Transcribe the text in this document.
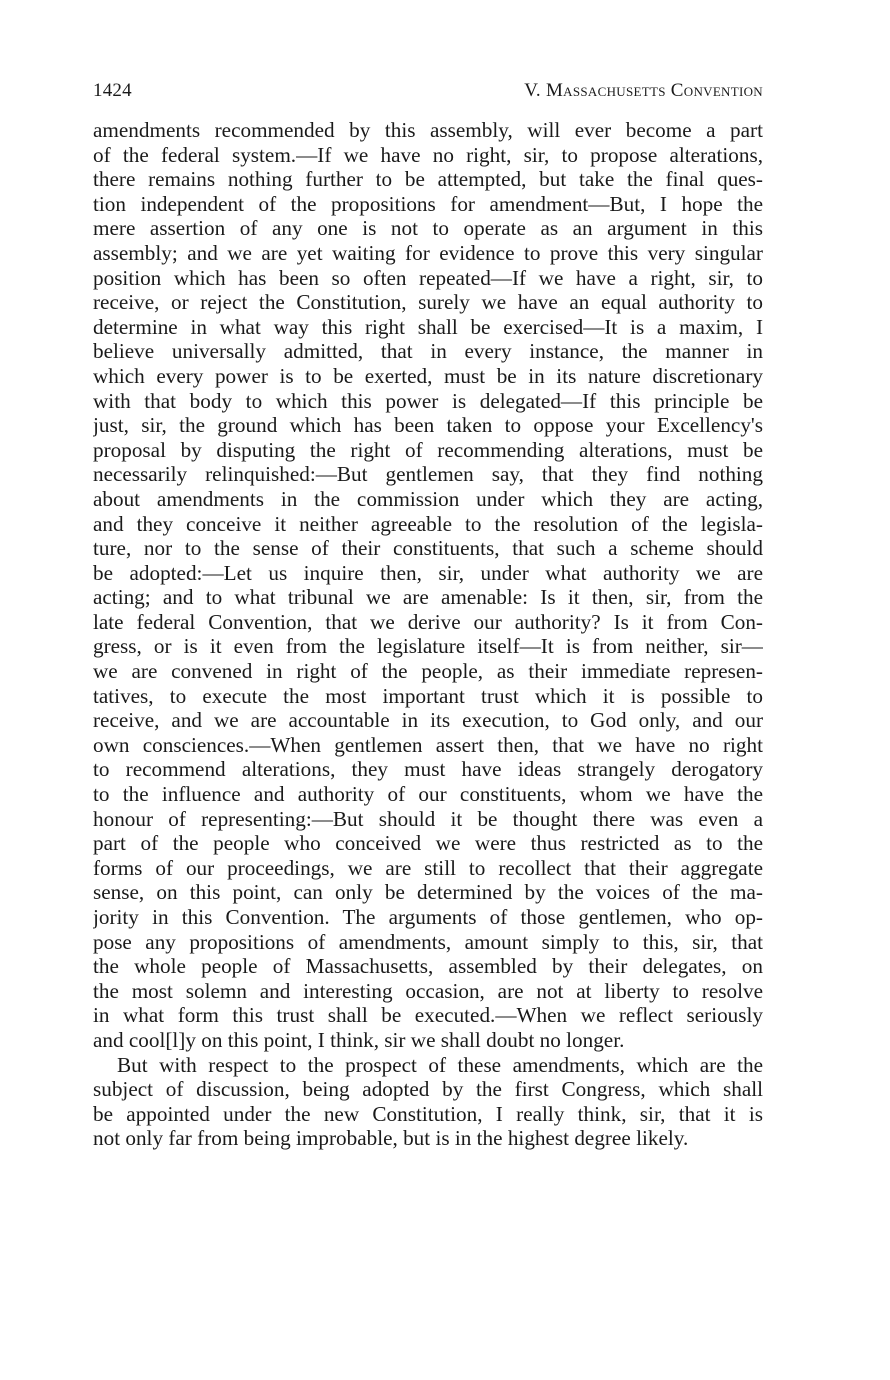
1424	V. Massachusetts Convention
amendments recommended by this assembly, will ever become a part
of the federal system.—If we have no right, sir, to propose alterations,
there remains nothing further to be attempted, but take the final ques-
tion independent of the propositions for amendment—But, I hope the
mere assertion of any one is not to operate as an argument in this
assembly; and we are yet waiting for evidence to prove this very singular
position which has been so often repeated—If we have a right, sir, to
receive, or reject the Constitution, surely we have an equal authority to
determine in what way this right shall be exercised—It is a maxim, I
believe universally admitted, that in every instance, the manner in
which every power is to be exerted, must be in its nature discretionary
with that body to which this power is delegated—If this principle be
just, sir, the ground which has been taken to oppose your Excellency's
proposal by disputing the right of recommending alterations, must be
necessarily relinquished:—But gentlemen say, that they find nothing
about amendments in the commission under which they are acting,
and they conceive it neither agreeable to the resolution of the legisla-
ture, nor to the sense of their constituents, that such a scheme should
be adopted:—Let us inquire then, sir, under what authority we are
acting; and to what tribunal we are amenable: Is it then, sir, from the
late federal Convention, that we derive our authority? Is it from Con-
gress, or is it even from the legislature itself—It is from neither, sir—
we are convened in right of the people, as their immediate represen-
tatives, to execute the most important trust which it is possible to
receive, and we are accountable in its execution, to God only, and our
own consciences.—When gentlemen assert then, that we have no right
to recommend alterations, they must have ideas strangely derogatory
to the influence and authority of our constituents, whom we have the
honour of representing:—But should it be thought there was even a
part of the people who conceived we were thus restricted as to the
forms of our proceedings, we are still to recollect that their aggregate
sense, on this point, can only be determined by the voices of the ma-
jority in this Convention. The arguments of those gentlemen, who op-
pose any propositions of amendments, amount simply to this, sir, that
the whole people of Massachusetts, assembled by their delegates, on
the most solemn and interesting occasion, are not at liberty to resolve
in what form this trust shall be executed.—When we reflect seriously
and cool[l]y on this point, I think, sir we shall doubt no longer.
But with respect to the prospect of these amendments, which are the
subject of discussion, being adopted by the first Congress, which shall
be appointed under the new Constitution, I really think, sir, that it is
not only far from being improbable, but is in the highest degree likely.
